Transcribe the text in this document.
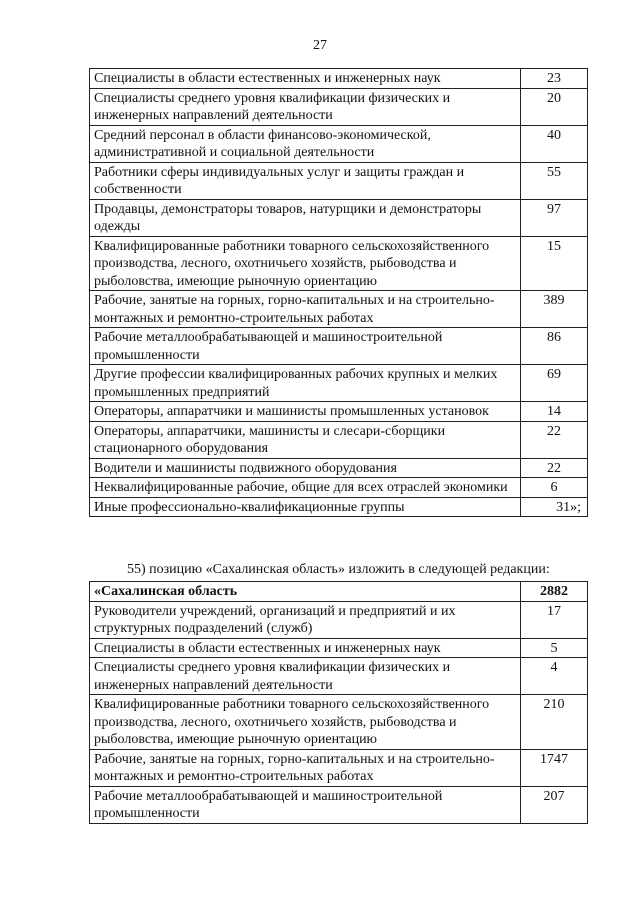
27
Специалисты в области естественных и инженерных наук	23
Специалисты среднего уровня квалификации физических и инженерных направлений деятельности	20
Средний персонал в области финансово-экономической, административной и социальной деятельности	40
Работники сферы индивидуальных услуг и защиты граждан и собственности	55
Продавцы, демонстраторы товаров, натурщики и демонстраторы одежды	97
Квалифицированные работники товарного сельскохозяйственного производства, лесного, охотничьего хозяйств, рыбоводства и рыболовства, имеющие рыночную ориентацию	15
Рабочие, занятые на горных, горно-капитальных и на строительно-монтажных и ремонтно-строительных работах	389
Рабочие металлообрабатывающей и машиностроительной промышленности	86
Другие профессии квалифицированных рабочих крупных и мелких промышленных предприятий	69
Операторы, аппаратчики и машинисты промышленных установок	14
Операторы, аппаратчики, машинисты и слесари-сборщики стационарного оборудования	22
Водители и машинисты подвижного оборудования	22
Неквалифицированные рабочие, общие для всех отраслей экономики	6
Иные профессионально-квалификационные группы	31»;
55) позицию «Сахалинская область» изложить в следующей редакции:
«Сахалинская область	2882
Руководители учреждений, организаций и предприятий и их структурных подразделений (служб)	17
Специалисты в области естественных и инженерных наук	5
Специалисты среднего уровня квалификации физических и инженерных направлений деятельности	4
Квалифицированные работники товарного сельскохозяйственного производства, лесного, охотничьего хозяйств, рыбоводства и рыболовства, имеющие рыночную ориентацию	210
Рабочие, занятые на горных, горно-капитальных и на строительно-монтажных и ремонтно-строительных работах	1747
Рабочие металлообрабатывающей и машиностроительной промышленности	207
